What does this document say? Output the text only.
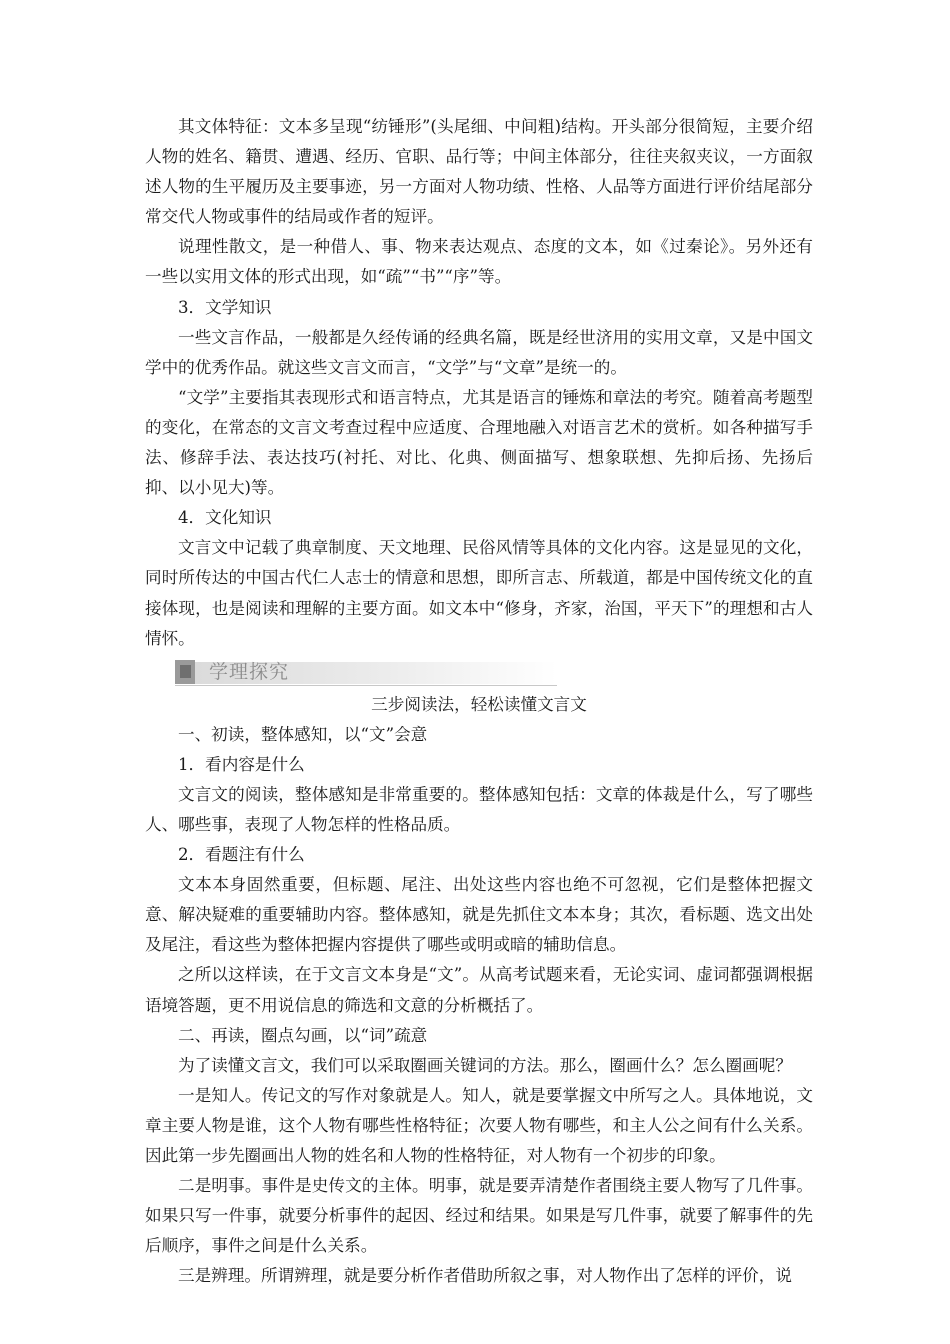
其文体特征：文本多呈现“纺锤形”(头尾细、中间粗)结构。开头部分很简短，主要介绍人物的姓名、籍贯、遭遇、经历、官职、品行等；中间主体部分，往往夹叙夹议，一方面叙述人物的生平履历及主要事迹，另一方面对人物功绩、性格、人品等方面进行评价结尾部分常交代人物或事件的结局或作者的短评。

说理性散文，是一种借人、事、物来表达观点、态度的文本，如《过秦论》。另外还有一些以实用文体的形式出现，如“疏”“书”“序”等。

3．文学知识

一些文言作品，一般都是久经传诵的经典名篇，既是经世济用的实用文章，又是中国文学中的优秀作品。就这些文言文而言，“文学”与“文章”是统一的。

“文学”主要指其表现形式和语言特点，尤其是语言的锤炼和章法的考究。随着高考题型的变化，在常态的文言文考查过程中应适度、合理地融入对语言艺术的赏析。如各种描写手法、修辞手法、表达技巧(衬托、对比、化典、侧面描写、想象联想、先抑后扬、先扬后抑、以小见大)等。

4．文化知识

文言文中记载了典章制度、天文地理、民俗风情等具体的文化内容。这是显见的文化，同时所传达的中国古代仁人志士的情意和思想，即所言志、所载道，都是中国传统文化的直接体现，也是阅读和理解的主要方面。如文本中“修身，齐家，治国，平天下”的理想和古人情怀。

学理探究

三步阅读法，轻松读懂文言文

一、初读，整体感知，以“文”会意

1．看内容是什么

文言文的阅读，整体感知是非常重要的。整体感知包括：文章的体裁是什么，写了哪些人、哪些事，表现了人物怎样的性格品质。

2．看题注有什么

文本本身固然重要，但标题、尾注、出处这些内容也绝不可忽视，它们是整体把握文意、解决疑难的重要辅助内容。整体感知，就是先抓住文本本身；其次，看标题、选文出处及尾注，看这些为整体把握内容提供了哪些或明或暗的辅助信息。

之所以这样读，在于文言文本身是“文”。从高考试题来看，无论实词、虚词都强调根据语境答题，更不用说信息的筛选和文意的分析概括了。

二、再读，圈点勾画，以“词”疏意

为了读懂文言文，我们可以采取圈画关键词的方法。那么，圈画什么？怎么圈画呢？

一是知人。传记文的写作对象就是人。知人，就是要掌握文中所写之人。具体地说，文章主要人物是谁，这个人物有哪些性格特征；次要人物有哪些，和主人公之间有什么关系。因此第一步先圈画出人物的姓名和人物的性格特征，对人物有一个初步的印象。

二是明事。事件是史传文的主体。明事，就是要弄清楚作者围绕主要人物写了几件事。如果只写一件事，就要分析事件的起因、经过和结果。如果是写几件事，就要了解事件的先后顺序，事件之间是什么关系。

三是辨理。所谓辨理，就是要分析作者借助所叙之事，对人物作出了怎样的评价，说
